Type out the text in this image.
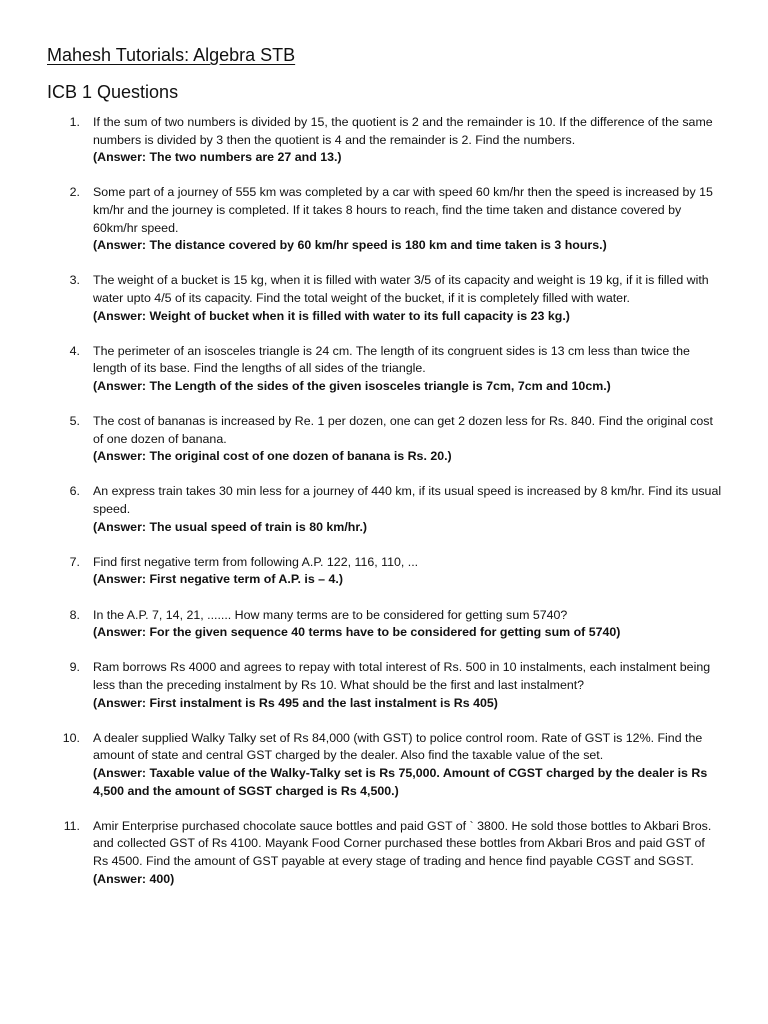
Mahesh Tutorials: Algebra STB
ICB 1 Questions
1. If the sum of two numbers is divided by 15, the quotient is 2 and the remainder is 10. If the difference of the same numbers is divided by 3 then the quotient is 4 and the remainder is 2. Find the numbers.
(Answer: The two numbers are 27 and 13.)
2. Some part of a journey of 555 km was completed by a car with speed 60 km/hr then the speed is increased by 15 km/hr and the journey is completed. If it takes 8 hours to reach, find the time taken and distance covered by 60km/hr speed.
(Answer: The distance covered by 60 km/hr speed is 180 km and time taken is 3 hours.)
3. The weight of a bucket is 15 kg, when it is filled with water 3/5 of its capacity and weight is 19 kg, if it is filled with water upto 4/5 of its capacity. Find the total weight of the bucket, if it is completely filled with water.
(Answer: Weight of bucket when it is filled with water to its full capacity is 23 kg.)
4. The perimeter of an isosceles triangle is 24 cm. The length of its congruent sides is 13 cm less than twice the length of its base. Find the lengths of all sides of the triangle.
(Answer: The Length of the sides of the given isosceles triangle is 7cm, 7cm and 10cm.)
5. The cost of bananas is increased by Re. 1 per dozen, one can get 2 dozen less for Rs. 840. Find the original cost of one dozen of banana.
(Answer: The original cost of one dozen of banana is Rs. 20.)
6. An express train takes 30 min less for a journey of 440 km, if its usual speed is increased by 8 km/hr. Find its usual speed.
(Answer: The usual speed of train is 80 km/hr.)
7. Find first negative term from following A.P. 122, 116, 110, ...
(Answer: First negative term of A.P. is – 4.)
8. In the A.P. 7, 14, 21, ....... How many terms are to be considered for getting sum 5740?
(Answer: For the given sequence 40 terms have to be considered for getting sum of 5740)
9. Ram borrows Rs 4000 and agrees to repay with total interest of Rs. 500 in 10 instalments, each instalment being less than the preceding instalment by Rs 10. What should be the first and last instalment?
(Answer: First instalment is Rs 495 and the last instalment is Rs 405)
10. A dealer supplied Walky Talky set of Rs 84,000 (with GST) to police control room. Rate of GST is 12%. Find the amount of state and central GST charged by the dealer. Also find the taxable value of the set.
(Answer: Taxable value of the Walky-Talky set is Rs 75,000. Amount of CGST charged by the dealer is Rs 4,500 and the amount of SGST charged is Rs 4,500.)
11. Amir Enterprise purchased chocolate sauce bottles and paid GST of ` 3800. He sold those bottles to Akbari Bros. and collected GST of Rs 4100. Mayank Food Corner purchased these bottles from Akbari Bros and paid GST of Rs 4500. Find the amount of GST payable at every stage of trading and hence find payable CGST and SGST.
(Answer: 400)
